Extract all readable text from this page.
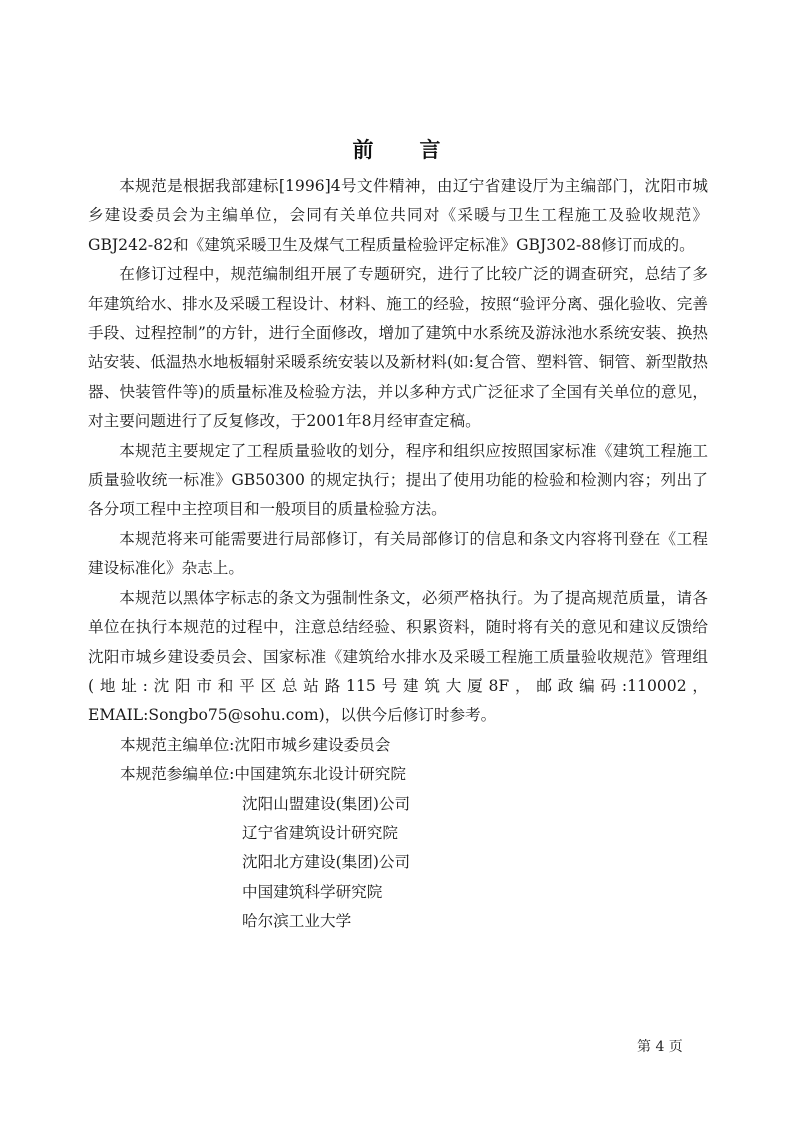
前 言

本规范是根据我部建标[1996]4号文件精神，由辽宁省建设厅为主编部门，沈阳市城乡建设委员会为主编单位，会同有关单位共同对《采暖与卫生工程施工及验收规范》GBJ242-82和《建筑采暖卫生及煤气工程质量检验评定标准》GBJ302-88修订而成的。

在修订过程中，规范编制组开展了专题研究，进行了比较广泛的调查研究，总结了多年建筑给水、排水及采暖工程设计、材料、施工的经验，按照“验评分离、强化验收、完善手段、过程控制”的方针，进行全面修改，增加了建筑中水系统及游泳池水系统安装、换热站安装、低温热水地板辐射采暖系统安装以及新材料(如:复合管、塑料管、铜管、新型散热器、快装管件等)的质量标准及检验方法，并以多种方式广泛征求了全国有关单位的意见，对主要问题进行了反复修改，于2001年8月经审查定稿。

本规范主要规定了工程质量验收的划分，程序和组织应按照国家标准《建筑工程施工质量验收统一标准》GB50300 的规定执行；提出了使用功能的检验和检测内容；列出了各分项工程中主控项目和一般项目的质量检验方法。

本规范将来可能需要进行局部修订，有关局部修订的信息和条文内容将刊登在《工程建设标准化》杂志上。

本规范以黑体字标志的条文为强制性条文，必须严格执行。为了提高规范质量，请各单位在执行本规范的过程中，注意总结经验、积累资料，随时将有关的意见和建议反馈给沈阳市城乡建设委员会、国家标准《建筑给水排水及采暖工程施工质量验收规范》管理组(地址:沈阳市和平区总站路115号建筑大厦8F，邮政编码:110002，EMAIL:Songbo75@sohu.com)，以供今后修订时参考。

本规范主编单位:沈阳市城乡建设委员会

本规范参编单位:中国建筑东北设计研究院

沈阳山盟建设(集团)公司

辽宁省建筑设计研究院

沈阳北方建设(集团)公司

中国建筑科学研究院

哈尔滨工业大学

第 4 页
